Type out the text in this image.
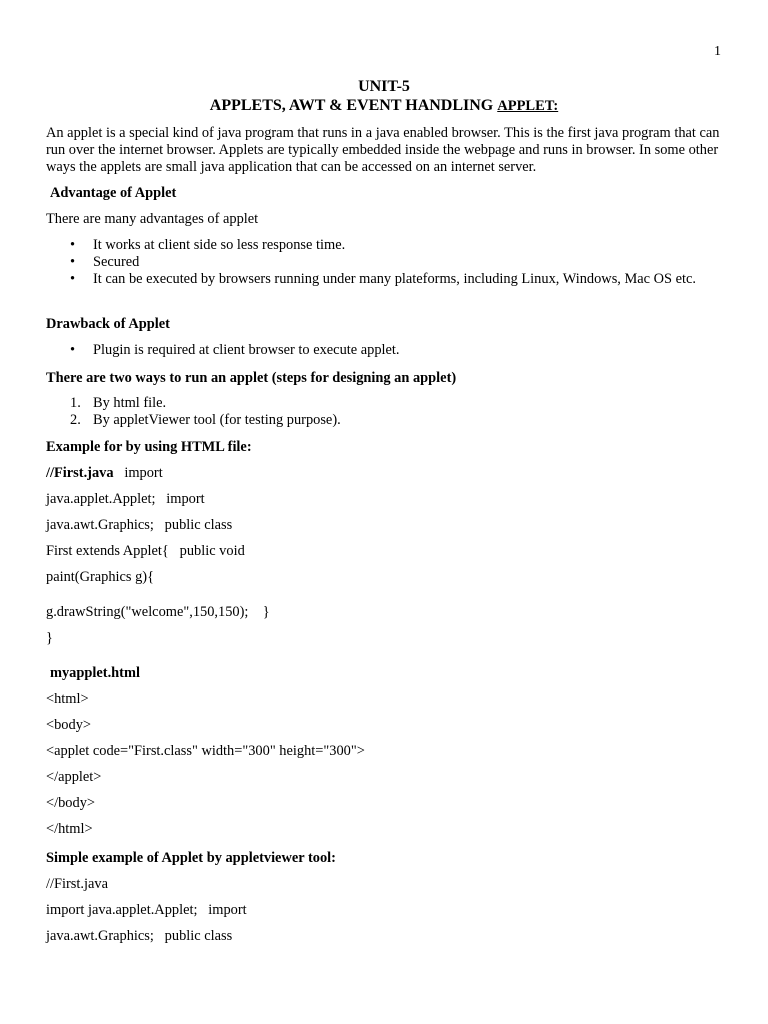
1
UNIT-5
APPLETS, AWT & EVENT HANDLING APPLET:

An applet is a special kind of java program that runs in a java enabled browser. This is the first java program that can run over the internet browser. Applets are typically embedded inside the webpage and runs in browser. In some other ways the applets are small java application that can be accessed on an internet server.

Advantage of Applet

There are many advantages of applet

• It works at client side so less response time.
• Secured
• It can be executed by browsers running under many plateforms, including Linux, Windows, Mac OS etc.

Drawback of Applet

• Plugin is required at client browser to execute applet.

There are two ways to run an applet (steps for designing an applet)

1. By html file.
2. By appletViewer tool (for testing purpose).

Example for by using HTML file:

//First.java   import

java.applet.Applet;   import

java.awt.Graphics;   public class

First extends Applet{   public void

paint(Graphics g){

g.drawString("welcome",150,150);    }

}

myapplet.html

<html>

<body>

<applet code="First.class" width="300" height="300">

</applet>

</body>

</html>

Simple example of Applet by appletviewer tool:

//First.java

import java.applet.Applet;   import

java.awt.Graphics;   public class
